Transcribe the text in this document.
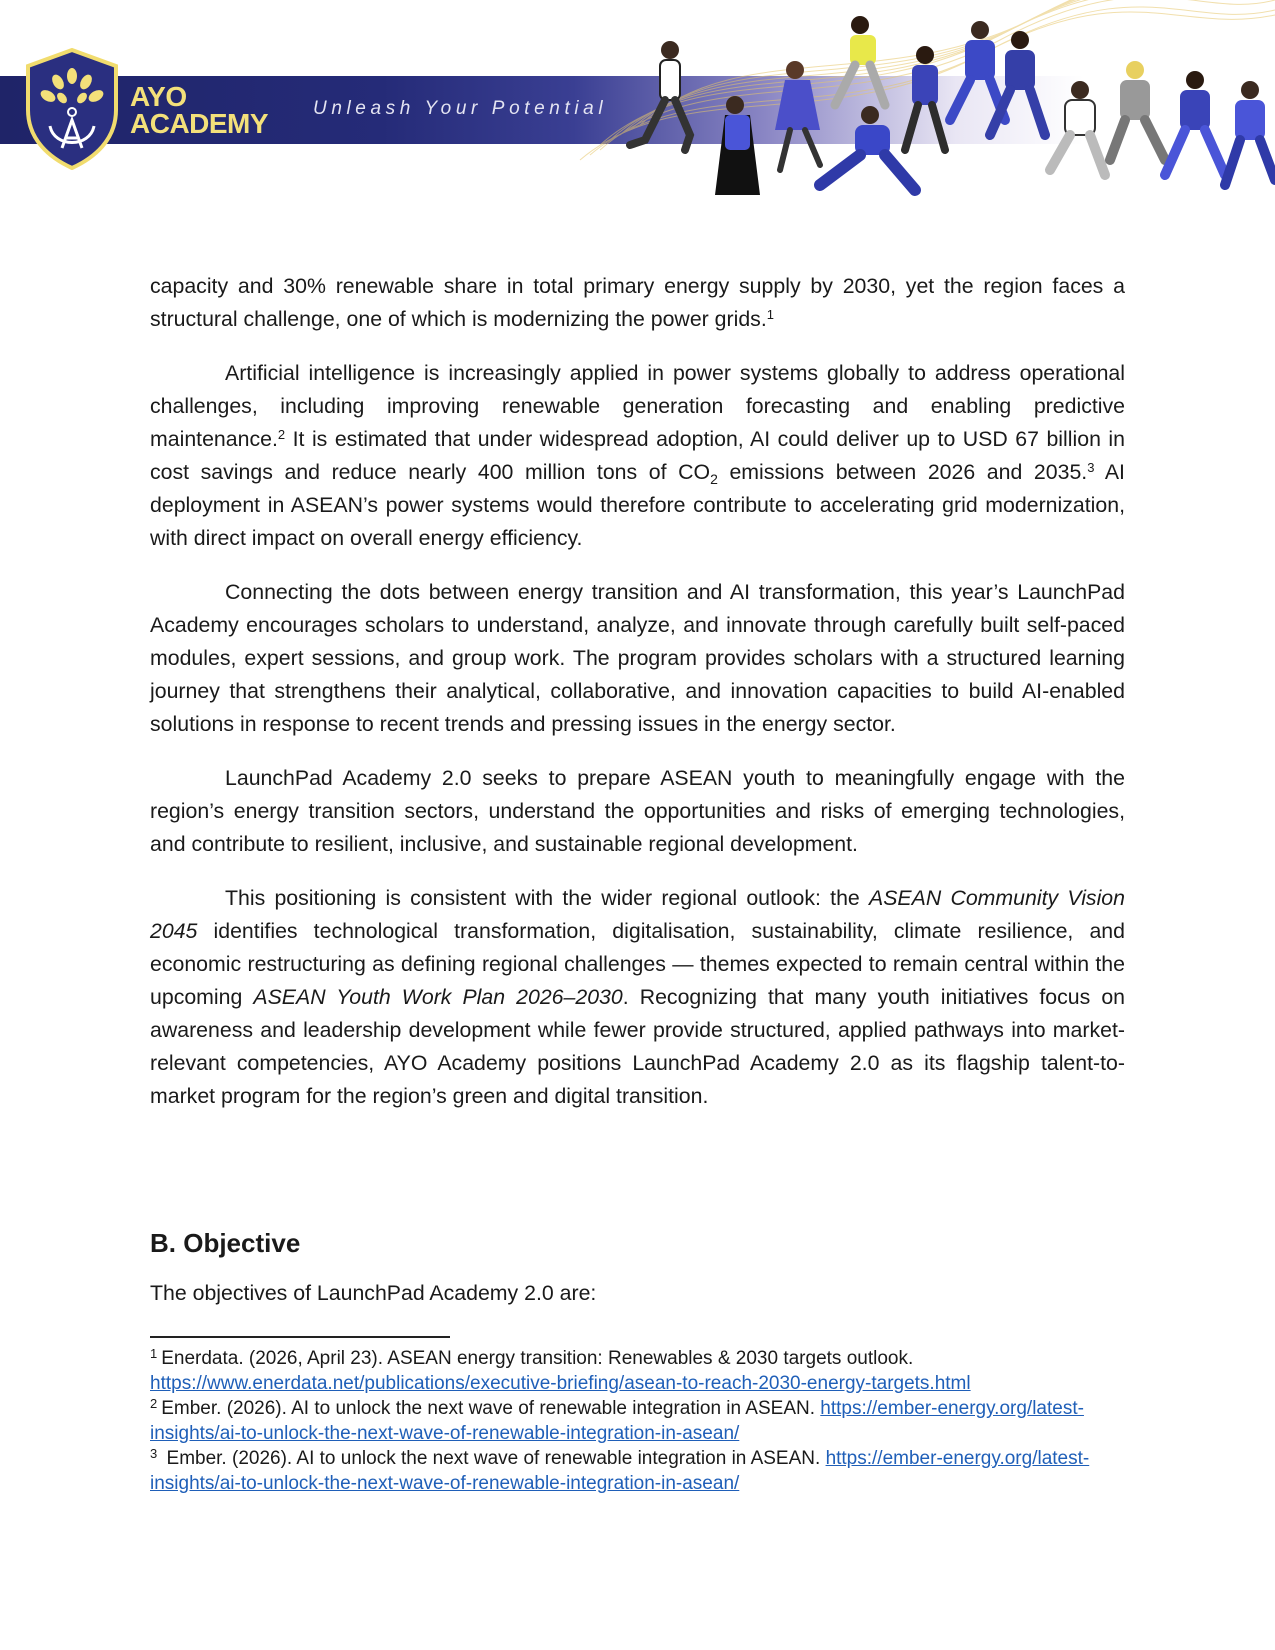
AYO
ACADEMY Unleash Your Potential

capacity and 30% renewable share in total primary energy supply by 2030, yet the region faces a structural challenge, one of which is modernizing the power grids.$^1$

Artificial intelligence is increasingly applied in power systems globally to address operational challenges, including improving renewable generation forecasting and enabling predictive maintenance.$^2$ It is estimated that under widespread adoption, AI could deliver up to USD 67 billion in cost savings and reduce nearly 400 million tons of $CO_2$ emissions between 2026 and 2035.$^3$ AI deployment in ASEAN’s power systems would therefore contribute to accelerating grid modernization, with direct impact on overall energy efficiency.

Connecting the dots between energy transition and AI transformation, this year’s LaunchPad Academy encourages scholars to understand, analyze, and innovate through carefully built self-paced modules, expert sessions, and group work. The program provides scholars with a structured learning journey that strengthens their analytical, collaborative, and innovation capacities to build AI-enabled solutions in response to recent trends and pressing issues in the energy sector.

LaunchPad Academy 2.0 seeks to prepare ASEAN youth to meaningfully engage with the region’s energy transition sectors, understand the opportunities and risks of emerging technologies, and contribute to resilient, inclusive, and sustainable regional development.

This positioning is consistent with the wider regional outlook: the ASEAN Community Vision 2045 identifies technological transformation, digitalisation, sustainability, climate resilience, and economic restructuring as defining regional challenges — themes expected to remain central within the upcoming ASEAN Youth Work Plan 2026–2030. Recognizing that many youth initiatives focus on awareness and leadership development while fewer provide structured, applied pathways into market-relevant competencies, AYO Academy positions LaunchPad Academy 2.0 as its flagship talent-to-market program for the region’s green and digital transition.

B. Objective

The objectives of LaunchPad Academy 2.0 are:

$^1$ Enerdata. (2026, April 23). ASEAN energy transition: Renewables & 2030 targets outlook.
https://www.enerdata.net/publications/executive-briefing/asean-to-reach-2030-energy-targets.html

$^2$ Ember. (2026). AI to unlock the next wave of renewable integration in ASEAN. https://ember-energy.org/latest-insights/ai-to-unlock-the-next-wave-of-renewable-integration-in-asean/

$^3$ Ember. (2026). AI to unlock the next wave of renewable integration in ASEAN. https://ember-energy.org/latest-insights/ai-to-unlock-the-next-wave-of-renewable-integration-in-asean/
